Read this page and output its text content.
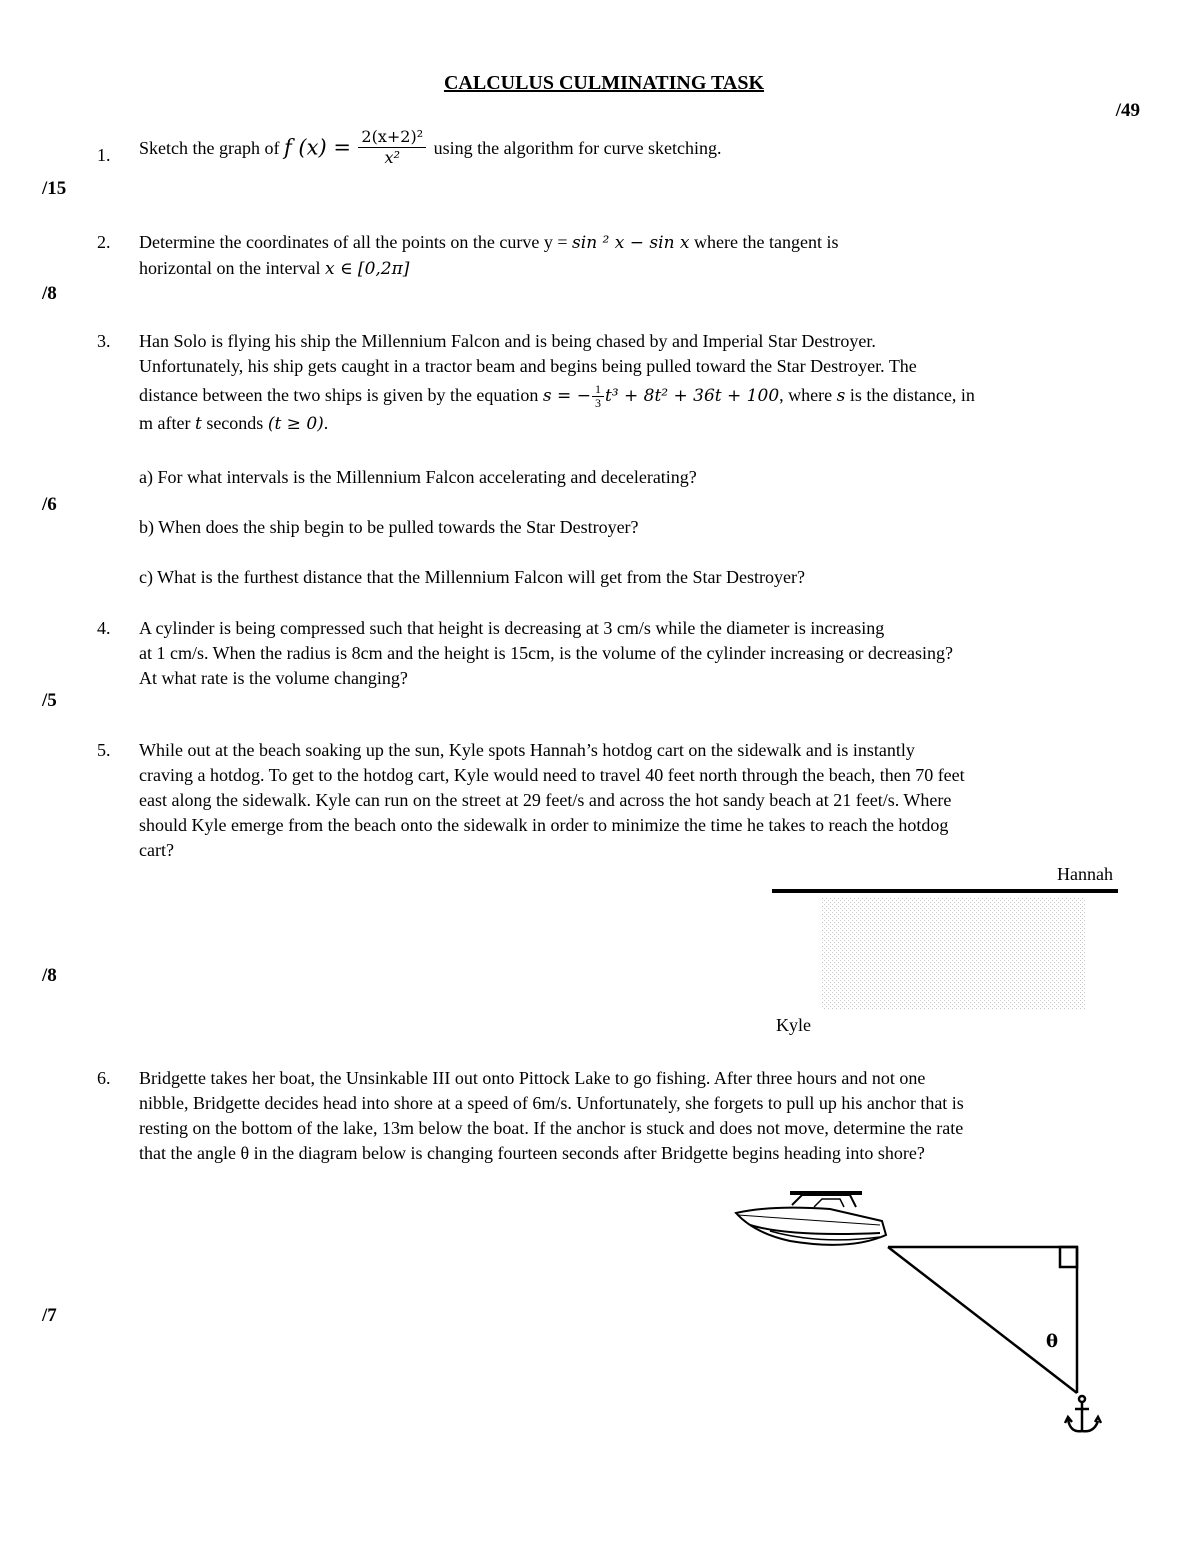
CALCULUS CULMINATING TASK
/49
1.	Sketch the graph of f $(x) = \frac{\text{2(x+2)²}}{\text{x²}}$ using the algorithm for curve sketching.
/15
2.	Determine the coordinates of all the points on the curve y = sin ² x − sin x where the tangent is
horizontal on the interval x ∈ [0,2π]
/8
3.	Han Solo is flying his ship the Millennium Falcon and is being chased by and Imperial Star Destroyer.
Unfortunately, his ship gets caught in a tractor beam and begins being pulled toward the Star Destroyer. The
distance between the two ships is given by the equation s = − $\frac{1}{3} t^3 + 8t^2 + 36t + 100$, where s is the distance, in
m after t seconds (t ≥ 0).
a) For what intervals is the Millennium Falcon accelerating and decelerating?
/6
b) When does the ship begin to be pulled towards the Star Destroyer?
c) What is the furthest distance that the Millennium Falcon will get from the Star Destroyer?
4.	A cylinder is being compressed such that height is decreasing at 3 cm/s while the diameter is increasing
at 1 cm/s. When the radius is 8cm and the height is 15cm, is the volume of the cylinder increasing or decreasing?
At what rate is the volume changing?
/5
5.	While out at the beach soaking up the sun, Kyle spots Hannah’s hotdog cart on the sidewalk and is instantly
craving a hotdog. To get to the hotdog cart, Kyle would need to travel 40 feet north through the beach, then 70 feet
east along the sidewalk. Kyle can run on the street at 29 feet/s and across the hot sandy beach at 21 feet/s. Where
should Kyle emerge from the beach onto the sidewalk in order to minimize the time he takes to reach the hotdog
cart?
Hannah
Kyle
/8
6.	Bridgette takes her boat, the Unsinkable III out onto Pittock Lake to go fishing. After three hours and not one
nibble, Bridgette decides head into shore at a speed of 6m/s. Unfortunately, she forgets to pull up his anchor that is
resting on the bottom of the lake, 13m below the boat. If the anchor is stuck and does not move, determine the rate
that the angle θ in the diagram below is changing fourteen seconds after Bridgette begins heading into shore?
/7
θ
